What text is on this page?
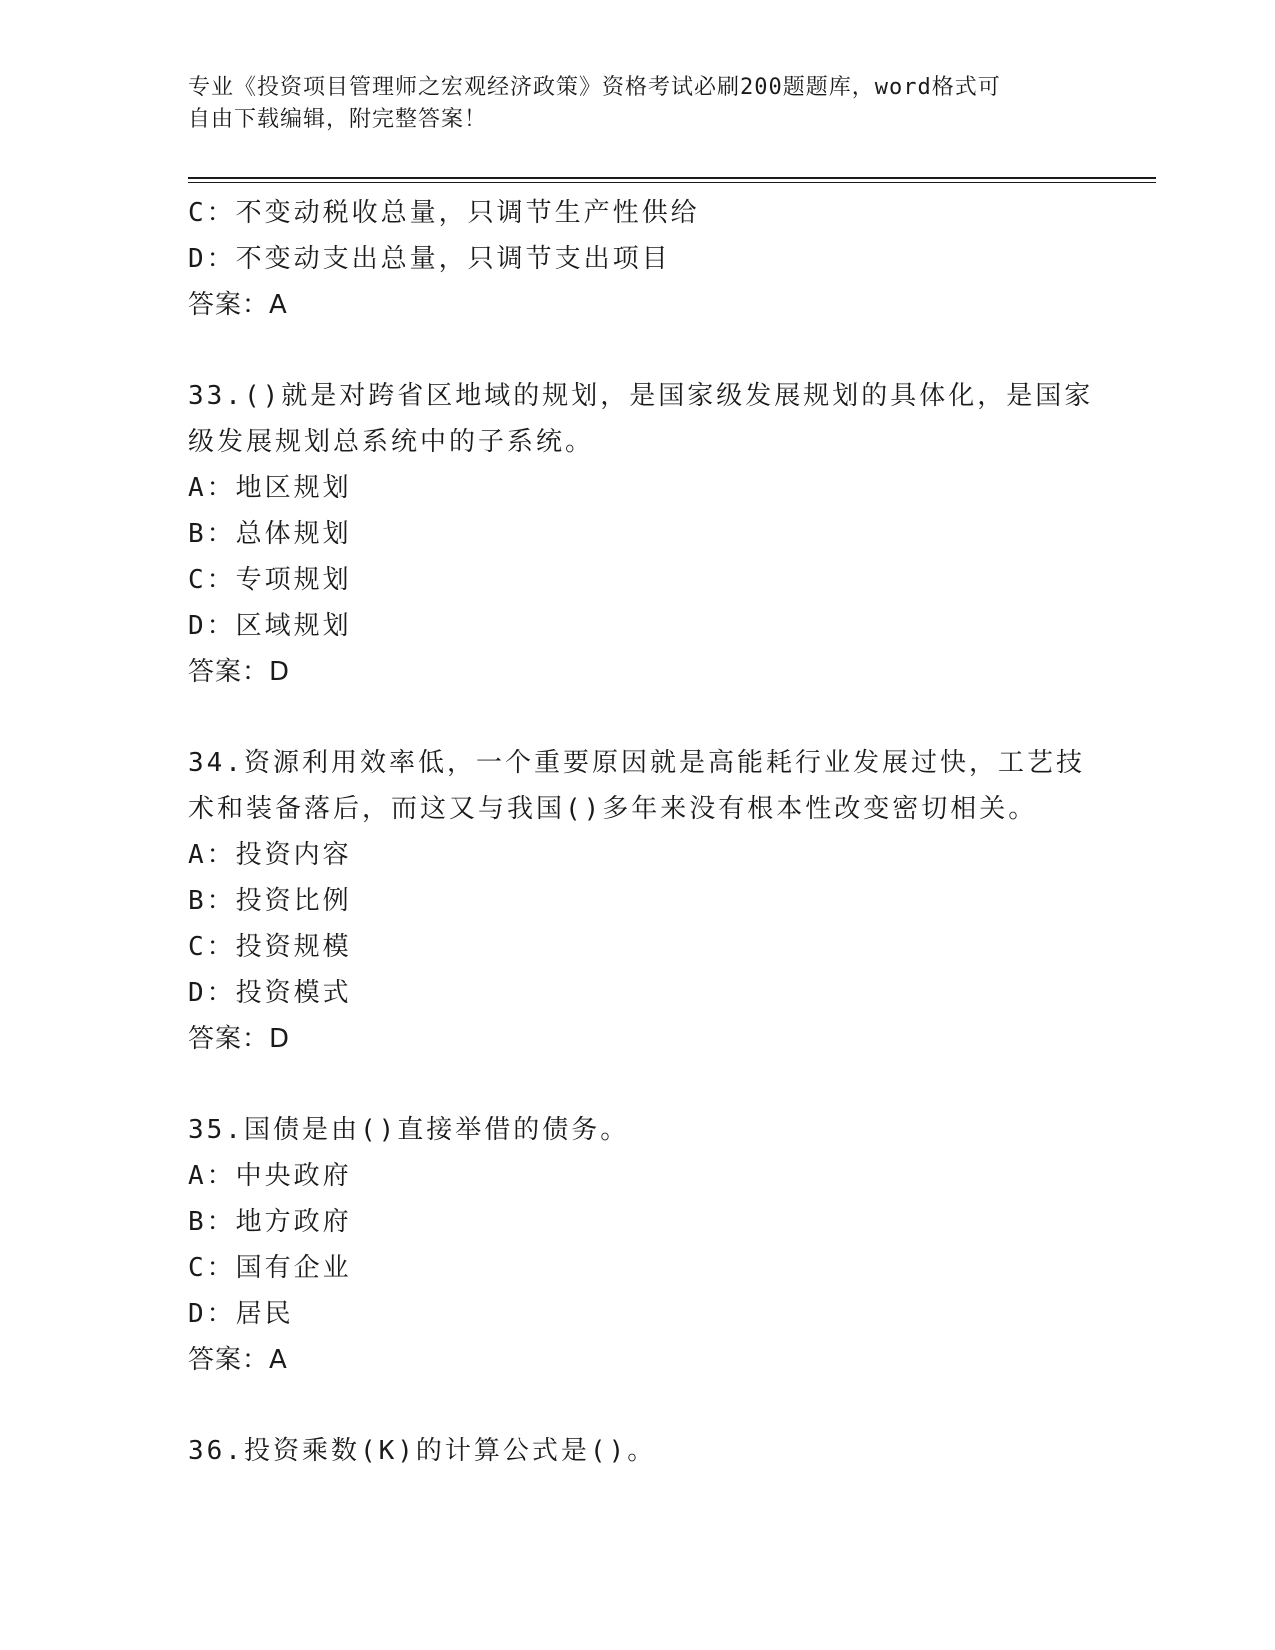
专业《投资项目管理师之宏观经济政策》资格考试必刷200题题库，word格式可
自由下载编辑，附完整答案！
C：不变动税收总量，只调节生产性供给
D：不变动支出总量，只调节支出项目
答案：A
33.()就是对跨省区地域的规划，是国家级发展规划的具体化，是国家
级发展规划总系统中的子系统。
A：地区规划
B：总体规划
C：专项规划
D：区域规划
答案：D
34.资源利用效率低，一个重要原因就是高能耗行业发展过快，工艺技
术和装备落后，而这又与我国()多年来没有根本性改变密切相关。
A：投资内容
B：投资比例
C：投资规模
D：投资模式
答案：D
35.国债是由()直接举借的债务。
A：中央政府
B：地方政府
C：国有企业
D：居民
答案：A
36.投资乘数(K)的计算公式是()。
